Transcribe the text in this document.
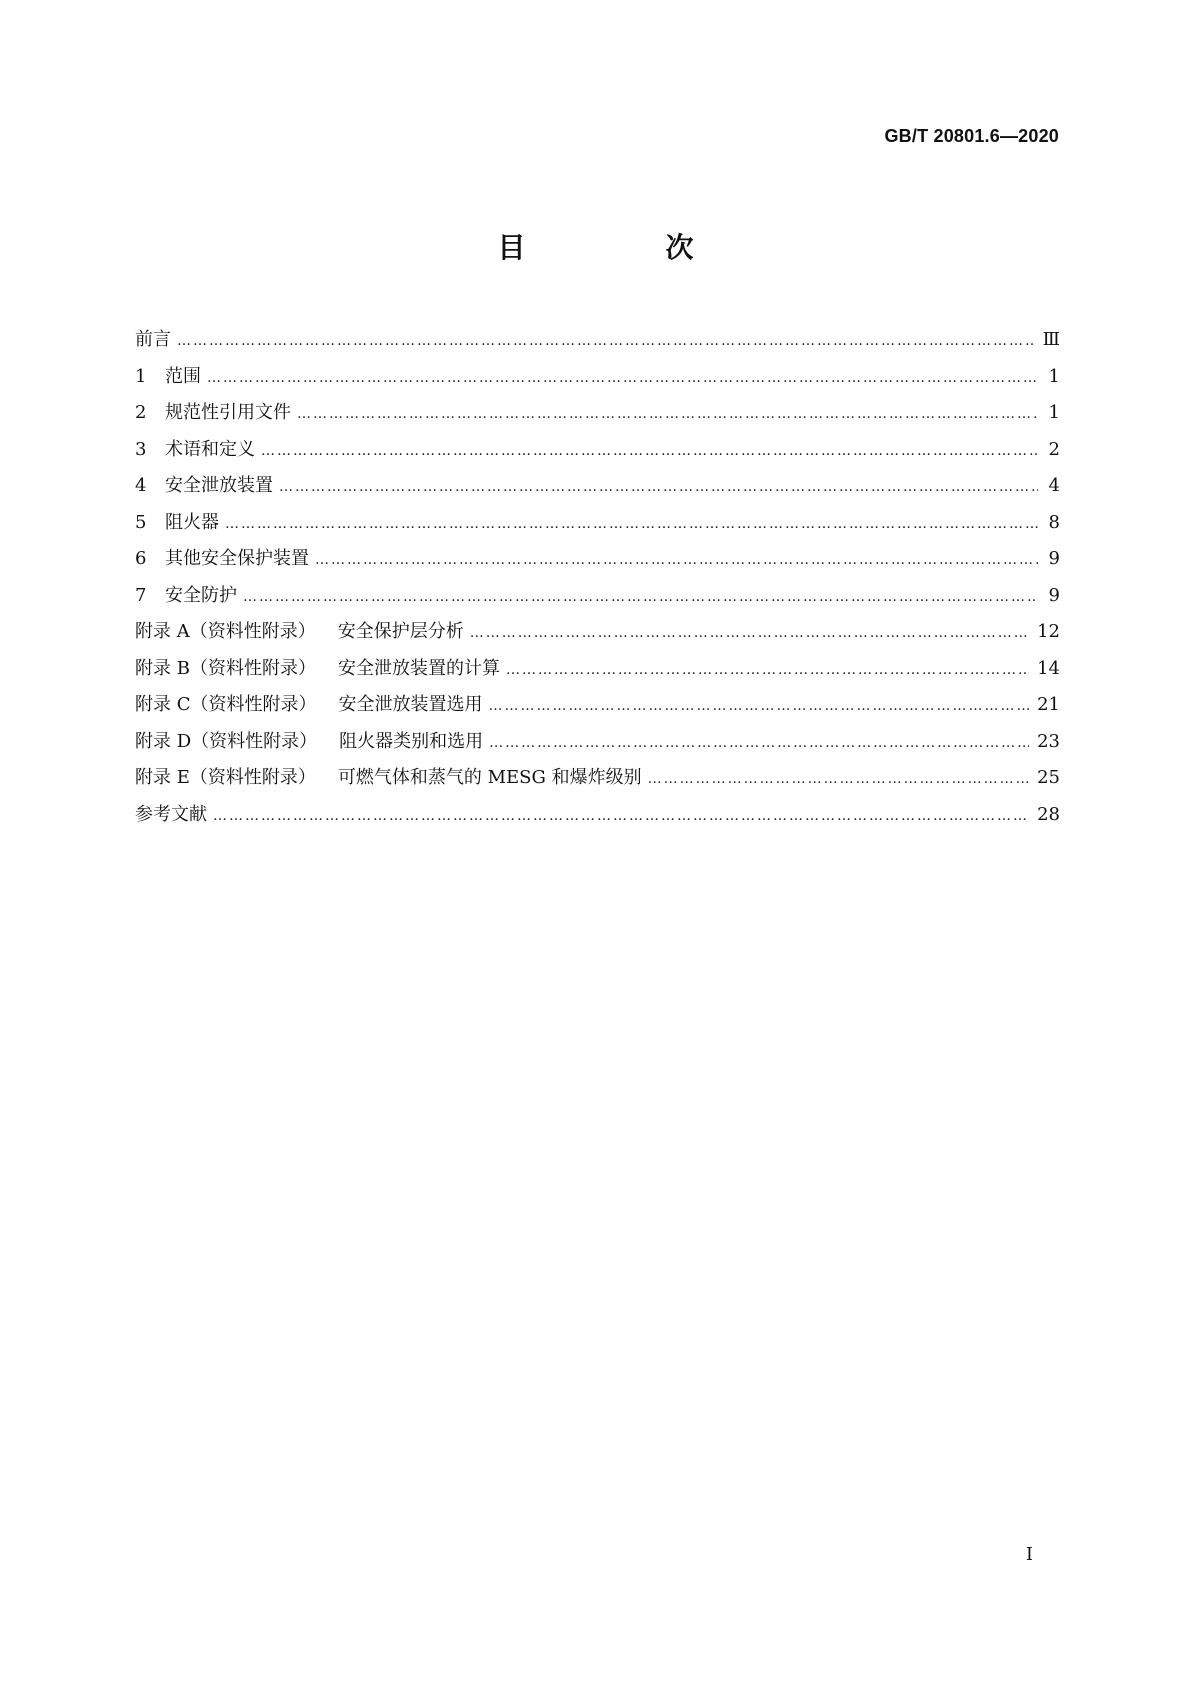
GB/T 20801.6—2020
目　次
前言 ………………………………………………………………………………………………………………………………………………………………………………	Ⅲ
1 范围 ………………………………………………………………………………………………………………………………………………………………………………	1
2 规范性引用文件 ………………………………………………………………………………………………………………………………………………………………………………	1
3 术语和定义 ………………………………………………………………………………………………………………………………………………………………………………	2
4 安全泄放装置 ………………………………………………………………………………………………………………………………………………………………………………	4
5 阻火器 ………………………………………………………………………………………………………………………………………………………………………………	8
6 其他安全保护装置 ………………………………………………………………………………………………………………………………………………………………………………	9
7 安全防护 ………………………………………………………………………………………………………………………………………………………………………………	9
附录 A（资料性附录） 安全保护层分析 ………………………………………………………………………………………………………………………………………………………………………………	12
附录 B（资料性附录） 安全泄放装置的计算 ………………………………………………………………………………………………………………………………………………………………………………	14
附录 C（资料性附录） 安全泄放装置选用 ………………………………………………………………………………………………………………………………………………………………………………	21
附录 D（资料性附录） 阻火器类别和选用 ………………………………………………………………………………………………………………………………………………………………………………	23
附录 E（资料性附录） 可燃气体和蒸气的 MESG 和爆炸级别 ………………………………………………………………………………………………………………………………………………………………………………	25
参考文献 ………………………………………………………………………………………………………………………………………………………………………………	28
I
